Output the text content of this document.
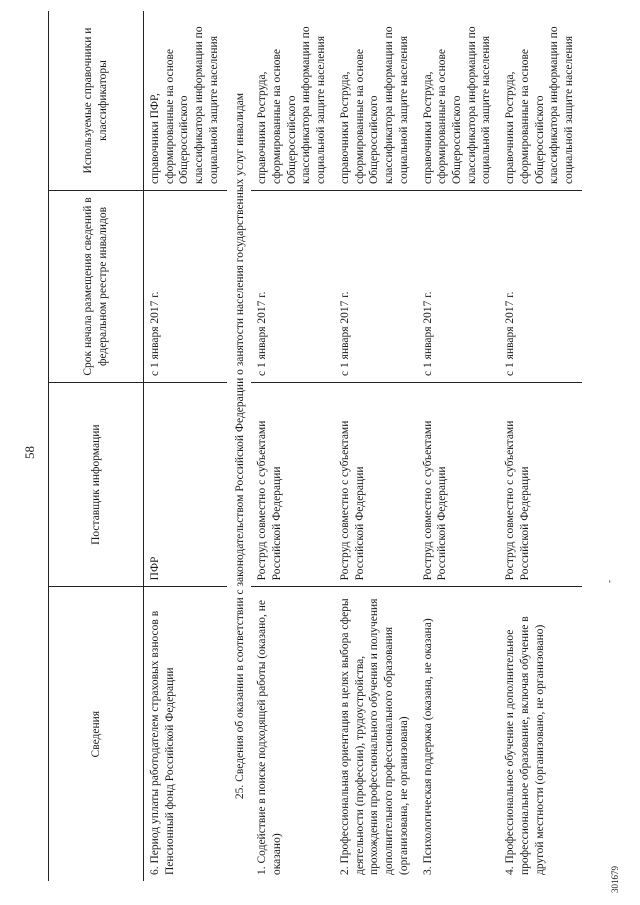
58
Сведения	Поставщик информации	Срок начала размещения сведений в федеральном реестре инвалидов	Используемые справочники и классификаторы
6. Период уплаты работодателем страховых взносов в Пенсионный фонд Российской Федерации	ПФР	с 1 января 2017 г.	справочники ПФР, сформированные на основе Общероссийского классификатора информации по социальной защите населения
25. Сведения об оказании в соответствии с законодательством Российской Федерации о занятости населения государственных услуг инвалидам			
1. Содействие в поиске подходящей работы (оказано, не оказано)	Роструд совместно с субъектами Российской Федерации	с 1 января 2017 г.	справочники Роструда, сформированные на основе Общероссийского классификатора информации по социальной защите населения
2. Профессиональная ориентация в целях выбора сферы деятельности (профессии), трудоустройства, прохождения профессионального обучения и получения дополнительного профессионального образования (организована, не организована)	Роструд совместно с субъектами Российской Федерации	с 1 января 2017 г.	справочники Роструда, сформированные на основе Общероссийского классификатора информации по социальной защите населения
3. Психологическая поддержка (оказана, не оказана)	Роструд совместно с субъектами Российской Федерации	с 1 января 2017 г.	справочники Роструда, сформированные на основе Общероссийского классификатора информации по социальной защите населения
4. Профессиональное обучение и дополнительное профессиональное образование, включая обучение в другой местности (организовано, не организовано)	Роструд совместно с субъектами Российской Федерации	с 1 января 2017 г.	справочники Роструда, сформированные на основе Общероссийского классификатора информации по социальной защите населения
-
301679
